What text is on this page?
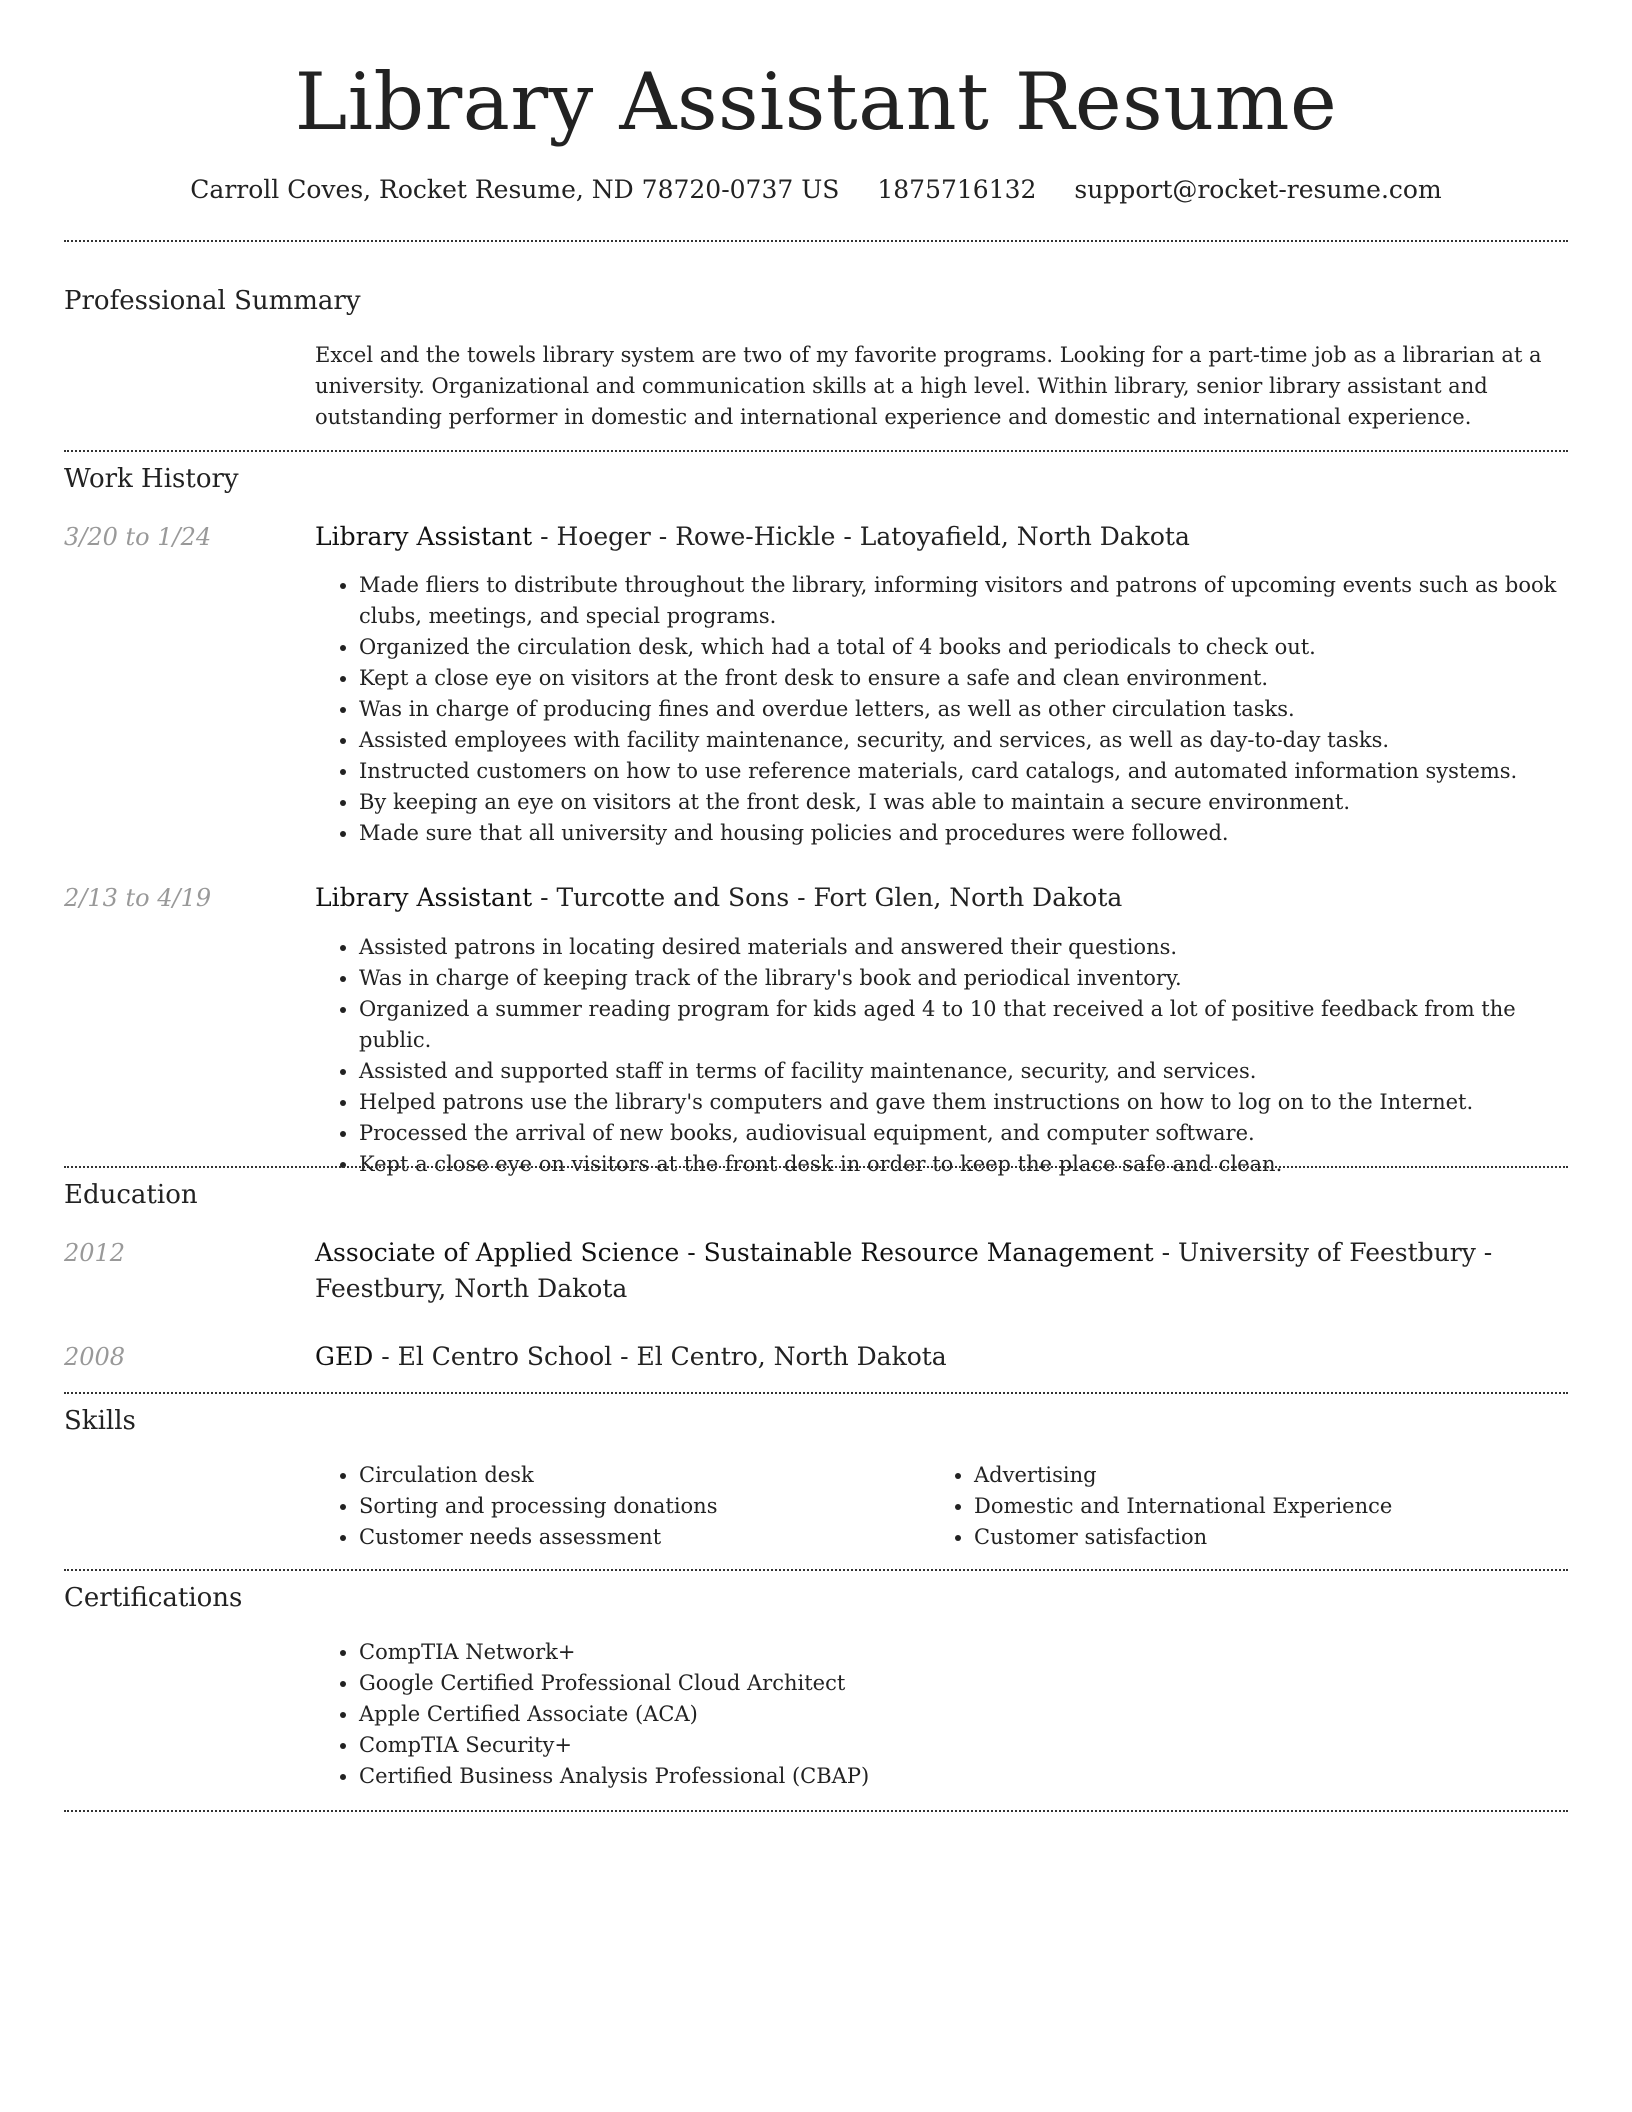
Library Assistant Resume
Carroll Coves, Rocket Resume, ND 78720-0737 US 1875716132 support@rocket-resume.com
Professional Summary
Excel and the towels library system are two of my favorite programs. Looking for a part-time job as a librarian at a university. Organizational and communication skills at a high level. Within library, senior library assistant and outstanding performer in domestic and international experience and domestic and international experience.
Work History
3/20 to 1/24	Library Assistant - Hoeger - Rowe-Hickle - Latoyafield, North Dakota
• Made fliers to distribute throughout the library, informing visitors and patrons of upcoming events such as book clubs, meetings, and special programs.
• Organized the circulation desk, which had a total of 4 books and periodicals to check out.
• Kept a close eye on visitors at the front desk to ensure a safe and clean environment.
• Was in charge of producing fines and overdue letters, as well as other circulation tasks.
• Assisted employees with facility maintenance, security, and services, as well as day-to-day tasks.
• Instructed customers on how to use reference materials, card catalogs, and automated information systems.
• By keeping an eye on visitors at the front desk, I was able to maintain a secure environment.
• Made sure that all university and housing policies and procedures were followed.
2/13 to 4/19	Library Assistant - Turcotte and Sons - Fort Glen, North Dakota
• Assisted patrons in locating desired materials and answered their questions.
• Was in charge of keeping track of the library's book and periodical inventory.
• Organized a summer reading program for kids aged 4 to 10 that received a lot of positive feedback from the public.
• Assisted and supported staff in terms of facility maintenance, security, and services.
• Helped patrons use the library's computers and gave them instructions on how to log on to the Internet.
• Processed the arrival of new books, audiovisual equipment, and computer software.
• Kept a close eye on visitors at the front desk in order to keep the place safe and clean.
Education
2012	Associate of Applied Science - Sustainable Resource Management - University of Feestbury - Feestbury, North Dakota
2008	GED - El Centro School - El Centro, North Dakota
Skills
• Circulation desk
• Sorting and processing donations
• Customer needs assessment
• Advertising
• Domestic and International Experience
• Customer satisfaction
Certifications
• CompTIA Network+
• Google Certified Professional Cloud Architect
• Apple Certified Associate (ACA)
• CompTIA Security+
• Certified Business Analysis Professional (CBAP)
